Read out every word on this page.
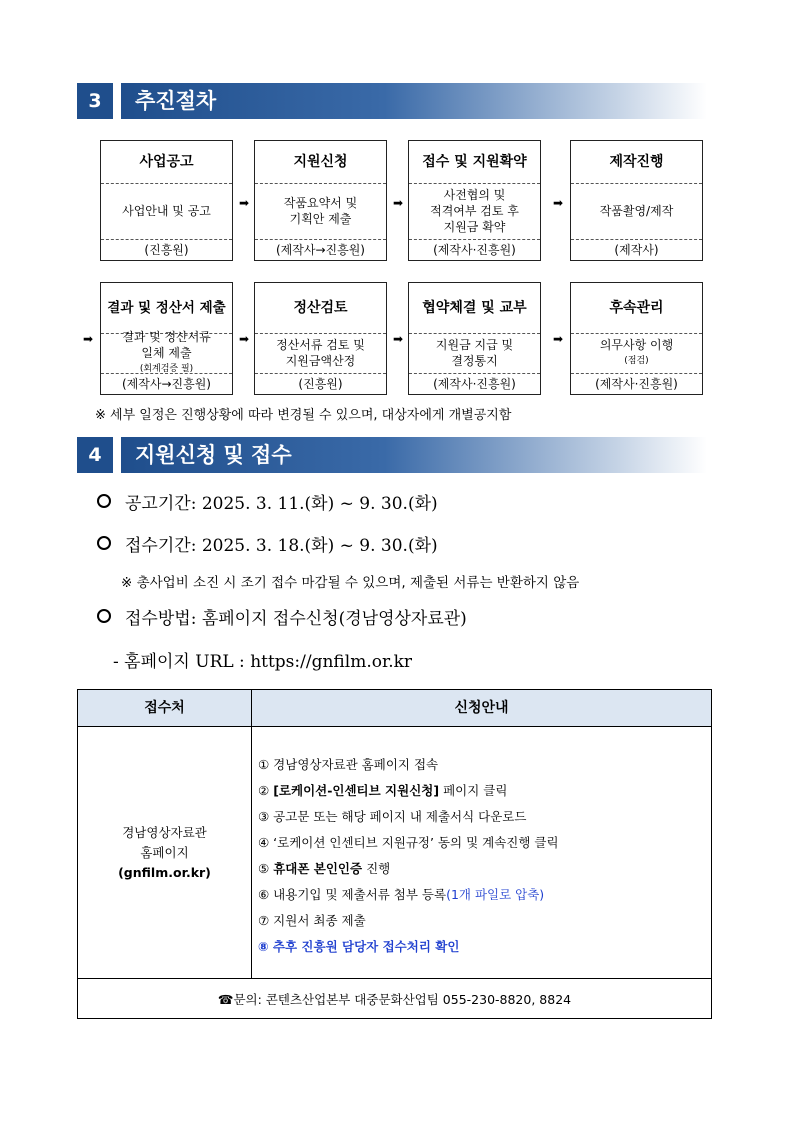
3	추진절차
사업공고
사업안내 및 공고
(진흥원)
➡
지원신청
작품요약서 및
기획안 제출
(제작사→진흥원)
➡
접수 및 지원확약
사전협의 및
적격여부 검토 후
지원금 확약
(제작사·진흥원)
➡
제작진행
작품촬영/제작
(제작사)
➡
결과 및 정산서 제출
결과 및 정산서류
일체 제출
(회계검증 필)
(제작사→진흥원)
➡
정산검토
정산서류 검토 및
지원금액산정
(진흥원)
➡
협약체결 및 교부
지원금 지급 및
결정통지
(제작사·진흥원)
➡
후속관리
의무사항 이행
(점검)
(제작사·진흥원)
※ 세부 일정은 진행상황에 따라 변경될 수 있으며, 대상자에게 개별공지함
4	지원신청 및 접수
공고기간: 2025. 3. 11.(화) ~ 9. 30.(화)
접수기간: 2025. 3. 18.(화) ~ 9. 30.(화)
※ 총사업비 소진 시 조기 접수 마감될 수 있으며, 제출된 서류는 반환하지 않음
접수방법: 홈페이지 접수신청(경남영상자료관)
- 홈페이지 URL : https://gnfilm.or.kr
접수처	신청안내
경남영상자료관
홈페이지
(gnfilm.or.kr)
① 경남영상자료관 홈페이지 접속
② [로케이션-인센티브 지원신청] 페이지 클릭
③ 공고문 또는 해당 페이지 내 제출서식 다운로드
④ ‘로케이션 인센티브 지원규정’ 동의 및 계속진행 클릭
⑤ 휴대폰 본인인증 진행
⑥ 내용기입 및 제출서류 첨부 등록(1개 파일로 압축)
⑦ 지원서 최종 제출
⑧ 추후 진흥원 담당자 접수처리 확인
☎문의: 콘텐츠산업본부 대중문화산업팀 055-230-8820, 8824
